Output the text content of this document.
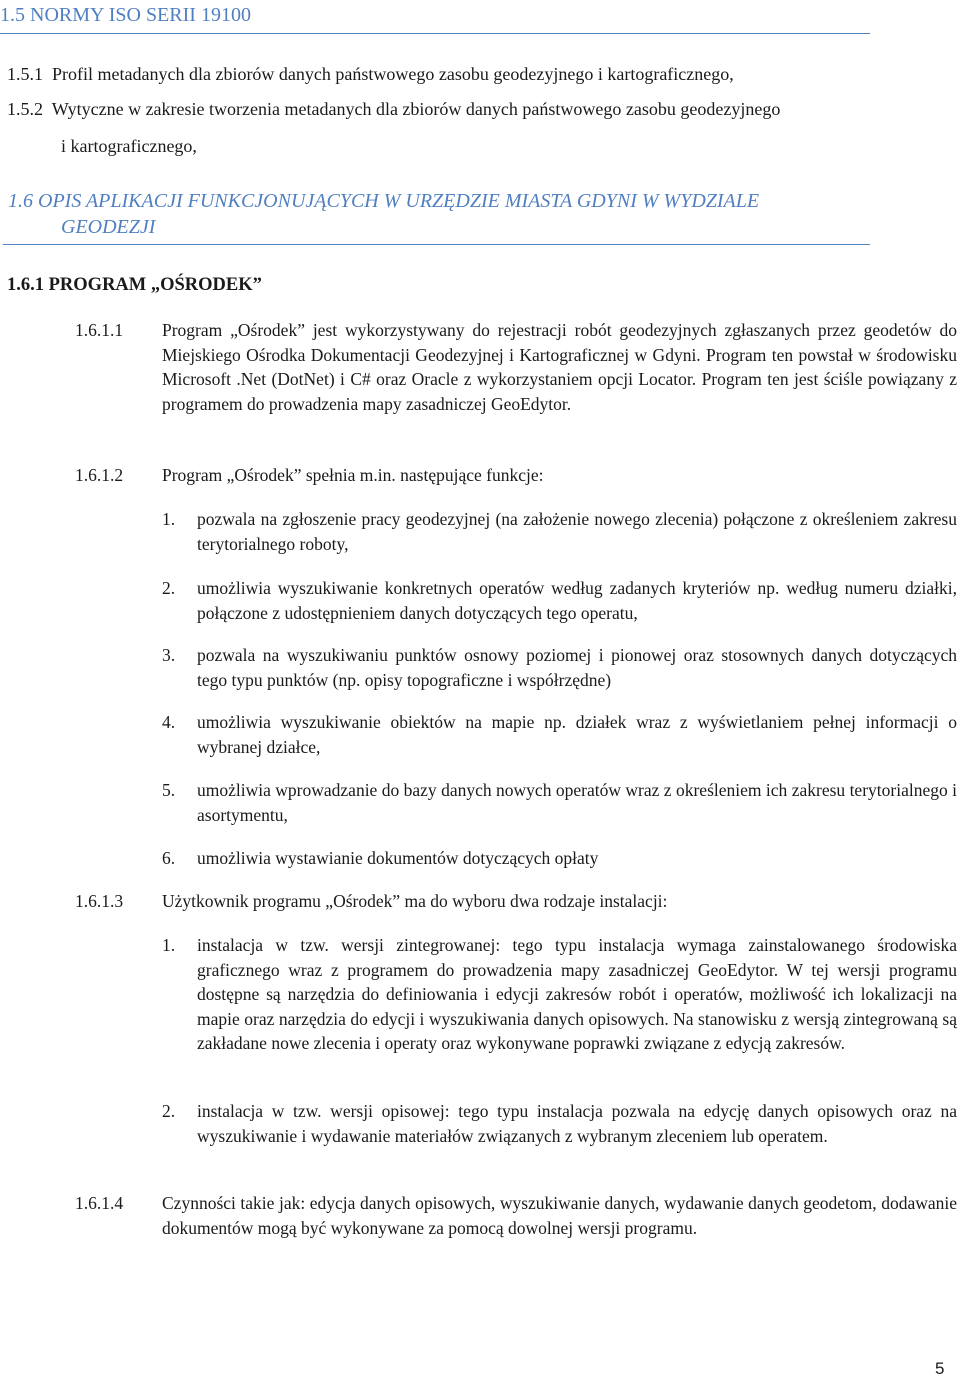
1.5 NORMY ISO SERII 19100
1.5.1 Profil metadanych dla zbiorów danych państwowego zasobu geodezyjnego i kartograficznego,
1.5.2 Wytyczne w zakresie tworzenia metadanych dla zbiorów danych państwowego zasobu geodezyjnego
i kartograficznego,
1.6 OPIS APLIKACJI FUNKCJONUJĄCYCH W URZĘDZIE MIASTA GDYNI W WYDZIALE
GEODEZJI
1.6.1 PROGRAM „OŚRODEK”
1.6.1.1 Program „Ośrodek” jest wykorzystywany do rejestracji robót geodezyjnych zgłaszanych przez geodetów do Miejskiego Ośrodka Dokumentacji Geodezyjnej i Kartograficznej w Gdyni. Program ten powstał w środowisku Microsoft .Net (DotNet) i C# oraz Oracle z wykorzystaniem opcji Locator. Program ten jest ściśle powiązany z programem do prowadzenia mapy zasadniczej GeoEdytor.
1.6.1.2 Program „Ośrodek” spełnia m.in. następujące funkcje:
1. pozwala na zgłoszenie pracy geodezyjnej (na założenie nowego zlecenia) połączone z określeniem zakresu terytorialnego roboty,
2. umożliwia wyszukiwanie konkretnych operatów według zadanych kryteriów np. według numeru działki, połączone z udostępnieniem danych dotyczących tego operatu,
3. pozwala na wyszukiwaniu punktów osnowy poziomej i pionowej oraz stosownych danych dotyczących tego typu punktów (np. opisy topograficzne i współrzędne)
4. umożliwia wyszukiwanie obiektów na mapie np. działek wraz z wyświetlaniem pełnej informacji o wybranej działce,
5. umożliwia wprowadzanie do bazy danych nowych operatów wraz z określeniem ich zakresu terytorialnego i asortymentu,
6. umożliwia wystawianie dokumentów dotyczących opłaty
1.6.1.3 Użytkownik programu „Ośrodek” ma do wyboru dwa rodzaje instalacji:
1. instalacja w tzw. wersji zintegrowanej: tego typu instalacja wymaga zainstalowanego środowiska graficznego wraz z programem do prowadzenia mapy zasadniczej GeoEdytor. W tej wersji programu dostępne są narzędzia do definiowania i edycji zakresów robót i operatów, możliwość ich lokalizacji na mapie oraz narzędzia do edycji i wyszukiwania danych opisowych. Na stanowisku z wersją zintegrowaną są zakładane nowe zlecenia i operaty oraz wykonywane poprawki związane z edycją zakresów.
2. instalacja w tzw. wersji opisowej: tego typu instalacja pozwala na edycję danych opisowych oraz na wyszukiwanie i wydawanie materiałów związanych z wybranym zleceniem lub operatem.
1.6.1.4 Czynności takie jak: edycja danych opisowych, wyszukiwanie danych, wydawanie danych geodetom, dodawanie dokumentów mogą być wykonywane za pomocą dowolnej wersji programu.
5
